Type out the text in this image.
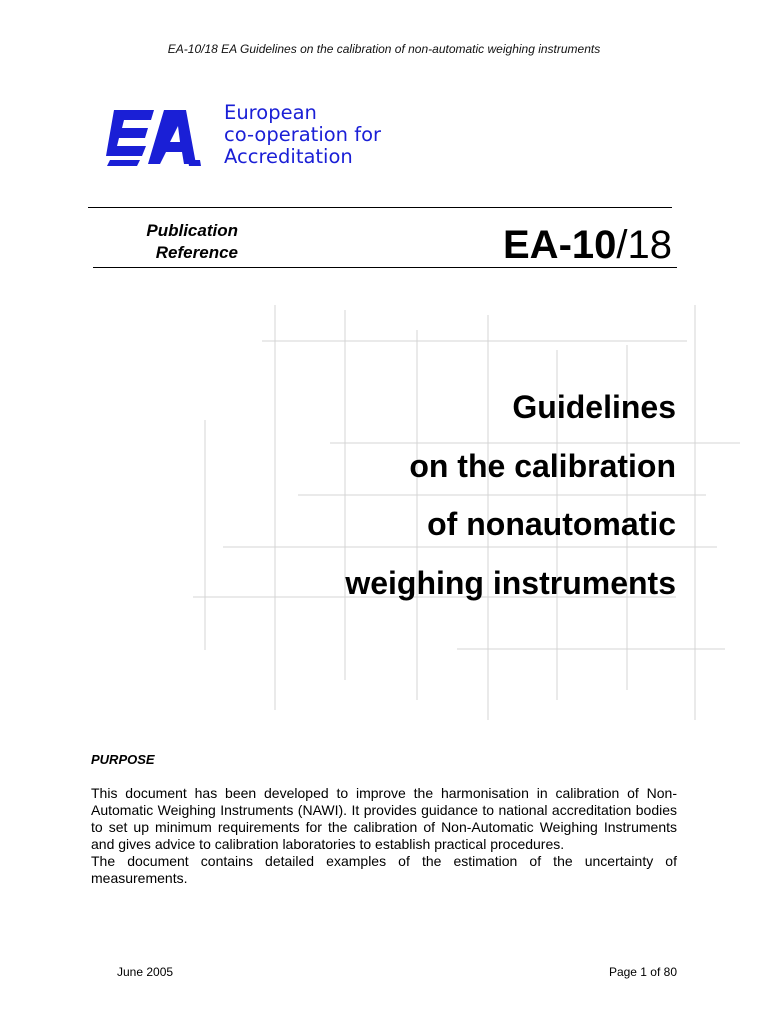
EA-10/18 EA Guidelines on the calibration of non-automatic weighing instruments
European
co-operation for
Accreditation
Publication
Reference	EA-10/18
Guidelines
on the calibration
of nonautomatic
weighing instruments
PURPOSE

This document has been developed to improve the harmonisation in calibration of Non-Automatic Weighing Instruments (NAWI). It provides guidance to national accreditation bodies to set up minimum requirements for the calibration of Non-Automatic Weighing Instruments and gives advice to calibration laboratories to establish practical procedures.

The document contains detailed examples of the estimation of the uncertainty of measurements.

June 2005	Page 1 of 80
